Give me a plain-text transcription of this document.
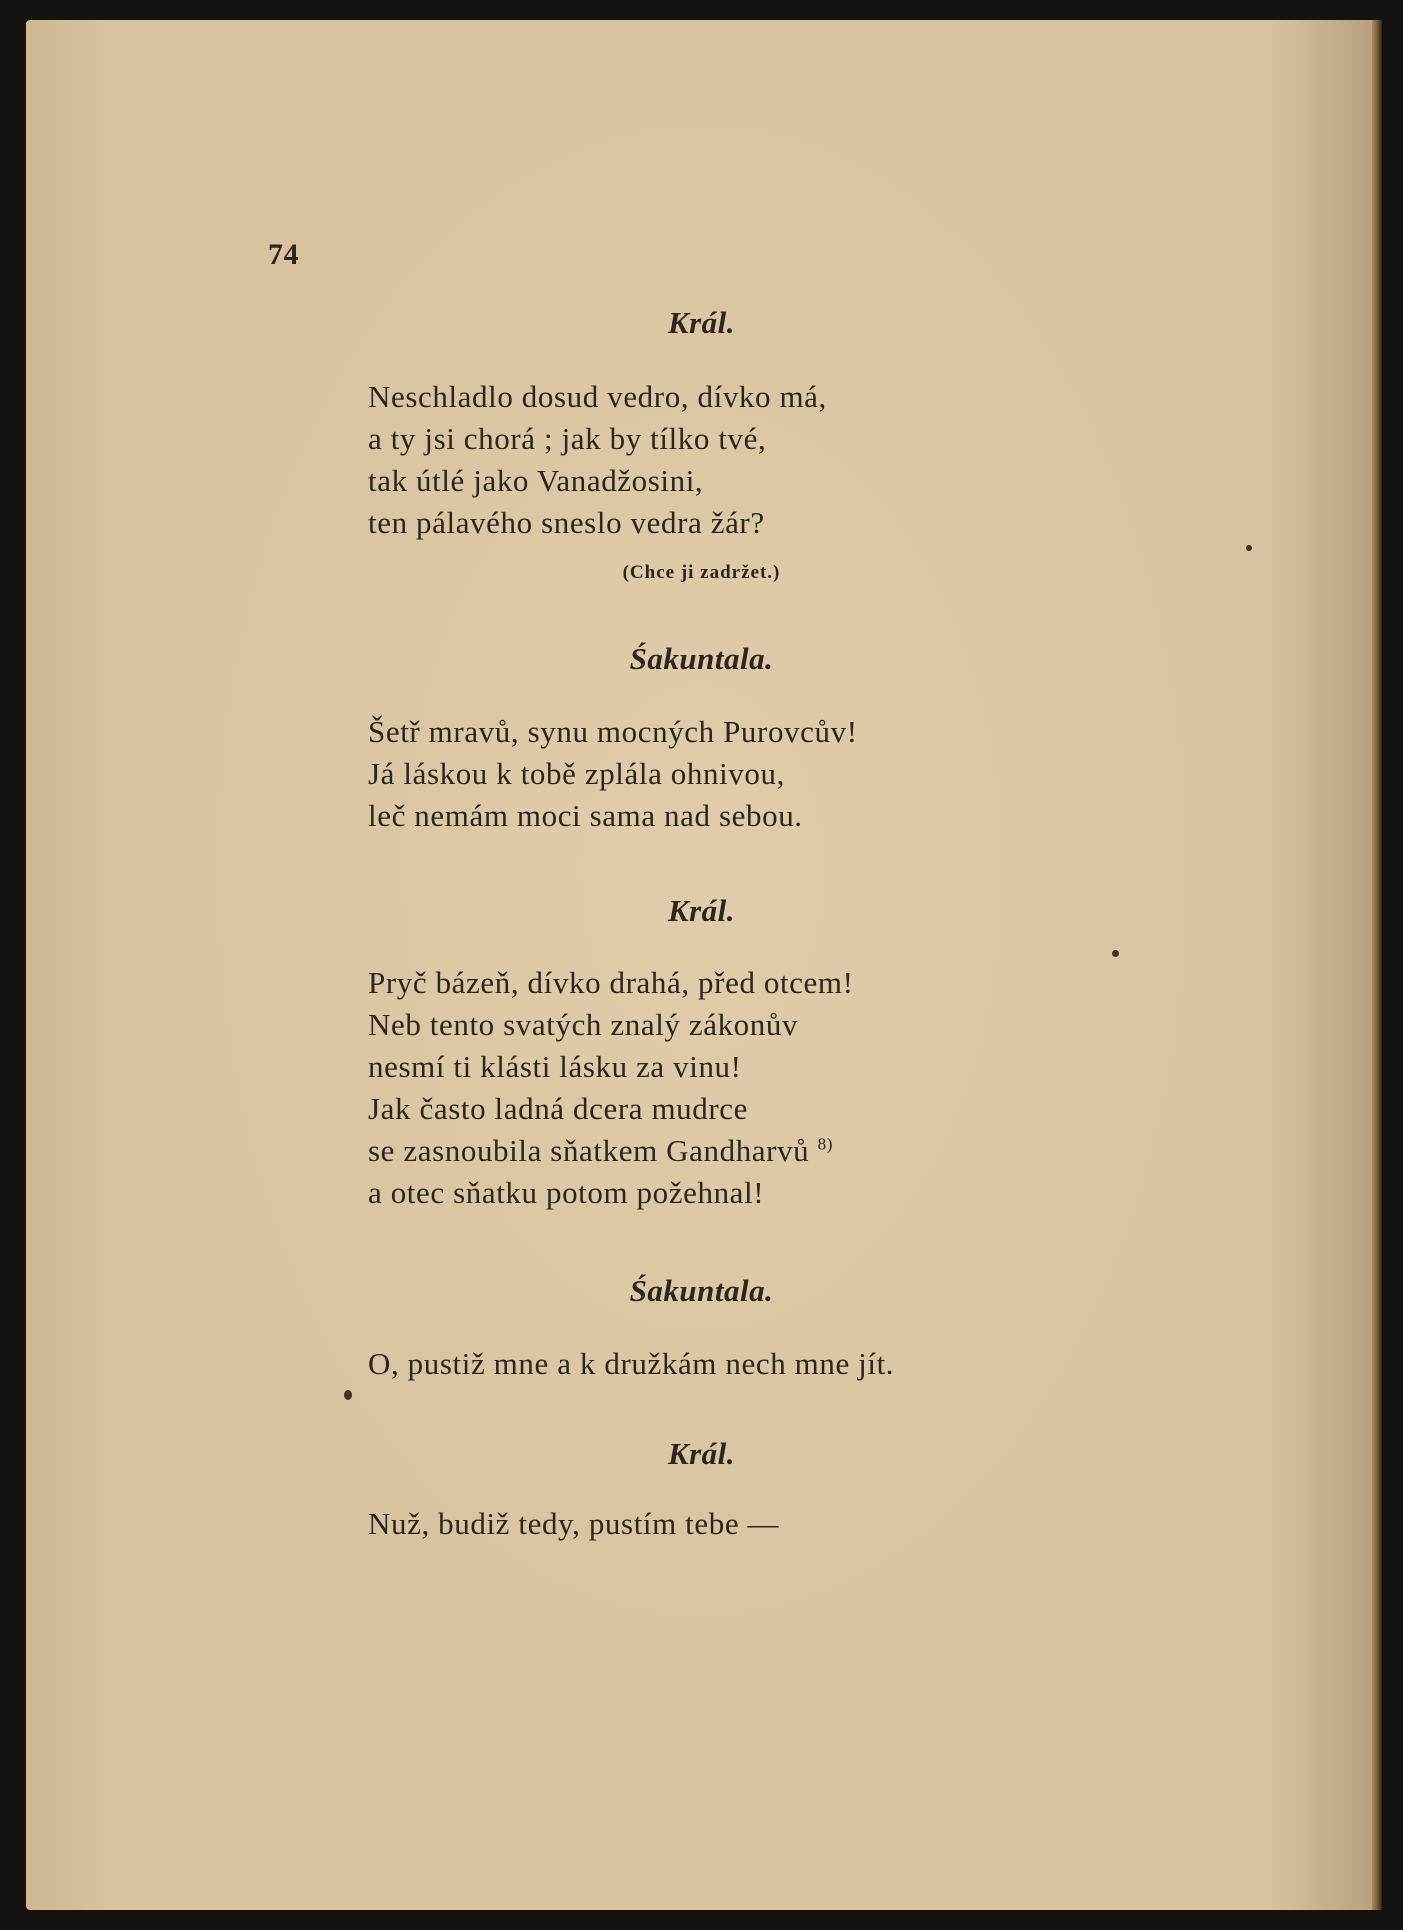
74
Král.
Neschladlo dosud vedro, dívko má,
a ty jsi chorá ; jak by tílko tvé,
tak útlé jako Vanadžosini,
ten pálavého sneslo vedra žár?
(Chce ji zadržet.)
Śakuntala.
Šetř mravů, synu mocných Purovcův!
Já láskou k tobě zplála ohnivou,
leč nemám moci sama nad sebou.
Král.
Pryč bázeň, dívko drahá, před otcem!
Neb tento svatých znalý zákonův
nesmí ti klásti lásku za vinu!
Jak často ladná dcera mudrce
se zasnoubila sňatkem Gandharvů $^{8)}$
a otec sňatku potom požehnal!
Śakuntala.
O, pustiž mne a k družkám nech mne jít.
Král.
Nuž, budiž tedy, pustím tebe —
